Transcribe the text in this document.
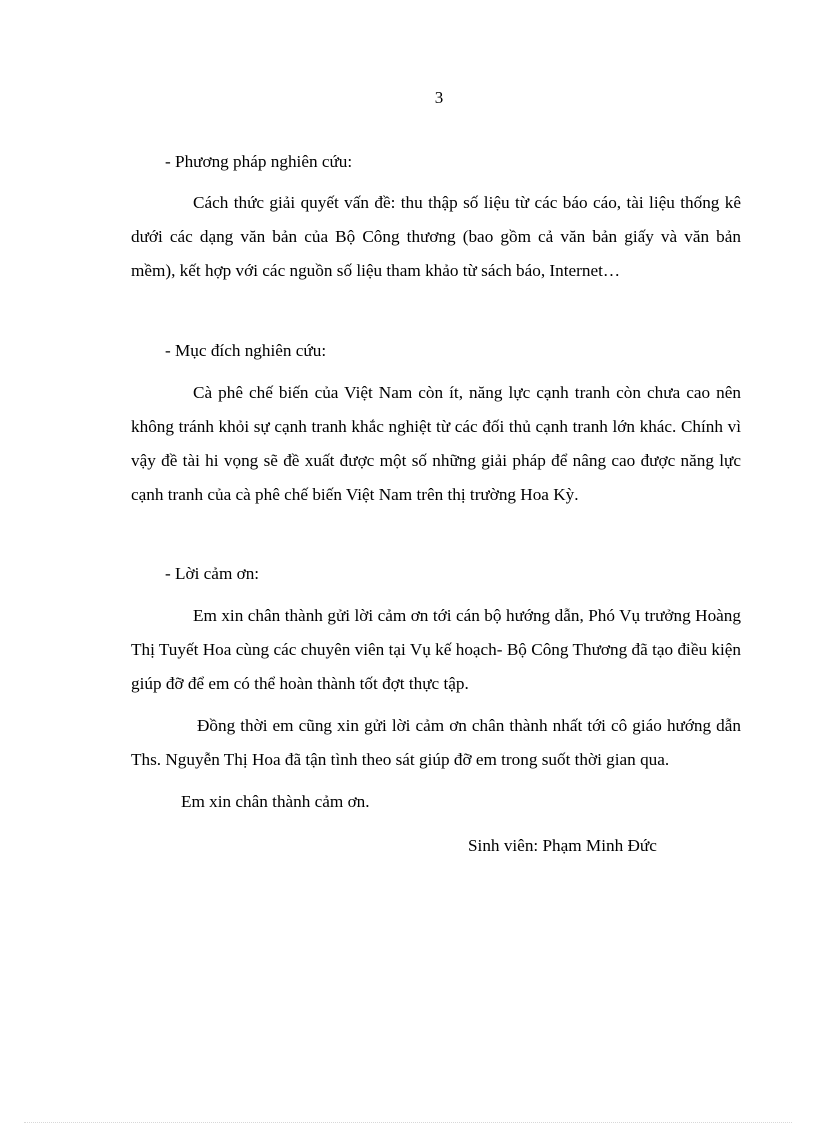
3
- Phương pháp nghiên cứu:

Cách thức giải quyết vấn đề: thu thập số liệu từ các báo cáo, tài liệu thống kê dưới các dạng văn bản của Bộ Công thương (bao gồm cả văn bản giấy và văn bản mềm), kết hợp với các nguồn số liệu tham khảo từ sách báo, Internet…

- Mục đích nghiên cứu:

Cà phê chế biến của Việt Nam còn ít, năng lực cạnh tranh còn chưa cao nên không tránh khỏi sự cạnh tranh khắc nghiệt từ các đối thủ cạnh tranh lớn khác. Chính vì vậy đề tài hi vọng sẽ đề xuất được một số những giải pháp để nâng cao được năng lực cạnh tranh của cà phê chế biến Việt Nam trên thị trường Hoa Kỳ.

- Lời cảm ơn:

Em xin chân thành gửi lời cảm ơn tới cán bộ hướng dẫn, Phó Vụ trưởng Hoàng Thị Tuyết Hoa cùng các chuyên viên tại Vụ kế hoạch- Bộ Công Thương đã tạo điều kiện giúp đỡ để em có thể hoàn thành tốt đợt thực tập.

Đồng thời em cũng xin gửi lời cảm ơn chân thành nhất tới cô giáo hướng dẫn Ths. Nguyễn Thị Hoa đã tận tình theo sát giúp đỡ em trong suốt thời gian qua.

Em xin chân thành cảm ơn.
Sinh viên: Phạm Minh Đức
